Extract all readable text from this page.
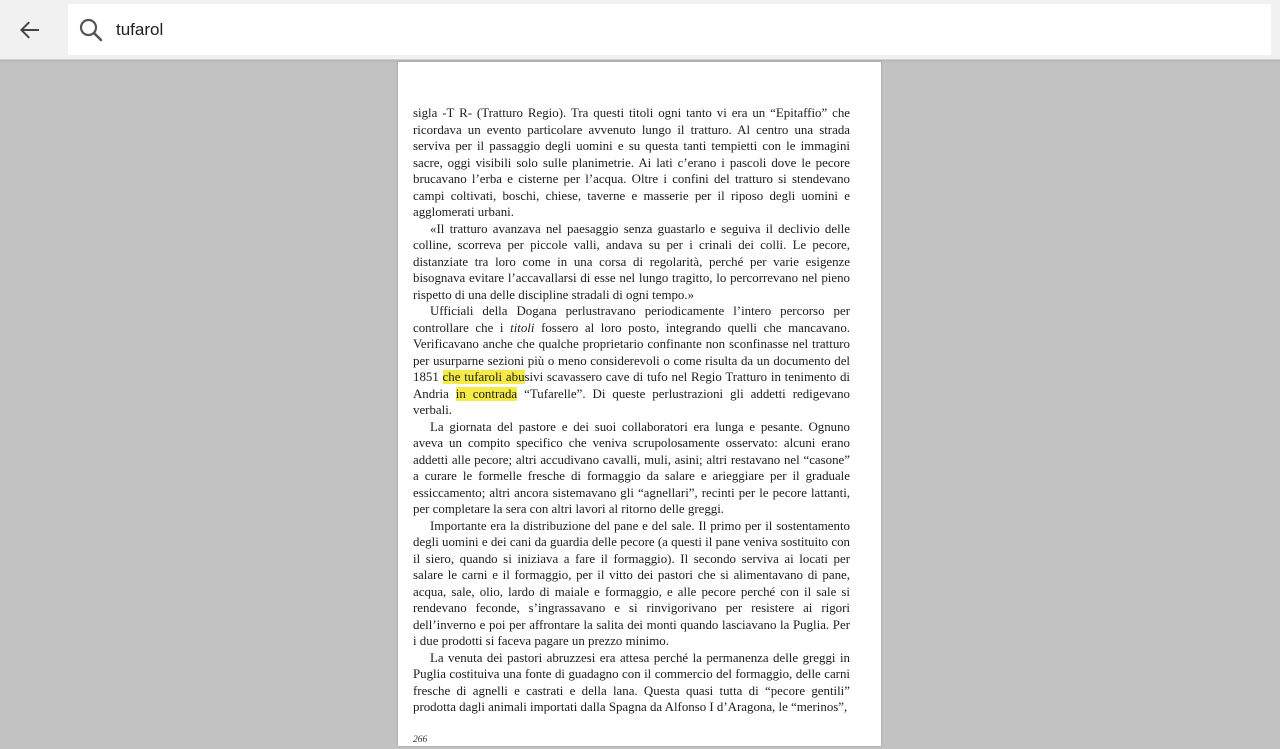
tufarol

sigla -T R- (Tratturo Regio). Tra questi titoli ogni tanto vi era un “Epitaffio” che ricordava un evento particolare avvenuto lungo il tratturo. Al centro una strada serviva per il passaggio degli uomini e su questa tanti tempietti con le immagini sacre, oggi visibili solo sulle planimetrie. Ai lati c’erano i pascoli dove le pecore brucavano l’erba e cisterne per l’acqua. Oltre i confini del tratturo si stendevano campi coltivati, boschi, chiese, taverne e masserie per il riposo degli uomini e agglomerati urbani.

«Il tratturo avanzava nel paesaggio senza guastarlo e seguiva il declivio delle colline, scorreva per piccole valli, andava su per i crinali dei colli. Le pecore, distanziate tra loro come in una corsa di regolarità, perché per varie esigenze bisognava evitare l’accavallarsi di esse nel lungo tragitto, lo percorrevano nel pieno rispetto di una delle discipline stradali di ogni tempo.»

Ufficiali della Dogana perlustravano periodicamente l’intero percorso per controllare che i titoli fossero al loro posto, integrando quelli che mancavano. Verificavano anche che qualche proprietario confinante non sconfinasse nel tratturo per usurparne sezioni più o meno considerevoli o come risulta da un documento del 1851 che tufaroli abusivi scavassero cave di tufo nel Regio Tratturo in tenimento di Andria in contrada “Tufarelle”. Di queste perlustrazioni gli addetti redigevano verbali.

La giornata del pastore e dei suoi collaboratori era lunga e pesante. Ognuno aveva un compito specifico che veniva scrupolosamente osservato: alcuni erano addetti alle pecore; altri accudivano cavalli, muli, asini; altri restavano nel “casone” a curare le formelle fresche di formaggio da salare e arieggiare per il graduale essiccamento; altri ancora sistemavano gli “agnellari”, recinti per le pecore lattanti, per completare la sera con altri lavori al ritorno delle greggi.

Importante era la distribuzione del pane e del sale. Il primo per il sostentamento degli uomini e dei cani da guardia delle pecore (a questi il pane veniva sostituito con il siero, quando si iniziava a fare il formaggio). Il secondo serviva ai locati per salare le carni e il formaggio, per il vitto dei pastori che si alimentavano di pane, acqua, sale, olio, lardo di maiale e formaggio, e alle pecore perché con il sale si rendevano feconde, s’ingrassavano e si rinvigorivano per resistere ai rigori dell’inverno e poi per affrontare la salita dei monti quando lasciavano la Puglia. Per i due prodotti si faceva pagare un prezzo minimo.

La venuta dei pastori abruzzesi era attesa perché la permanenza delle greggi in Puglia costituiva una fonte di guadagno con il commercio del formaggio, delle carni fresche di agnelli e castrati e della lana. Questa quasi tutta di “pecore gentili” prodotta dagli animali importati dalla Spagna da Alfonso I d’Aragona, le “merinos”,

266
